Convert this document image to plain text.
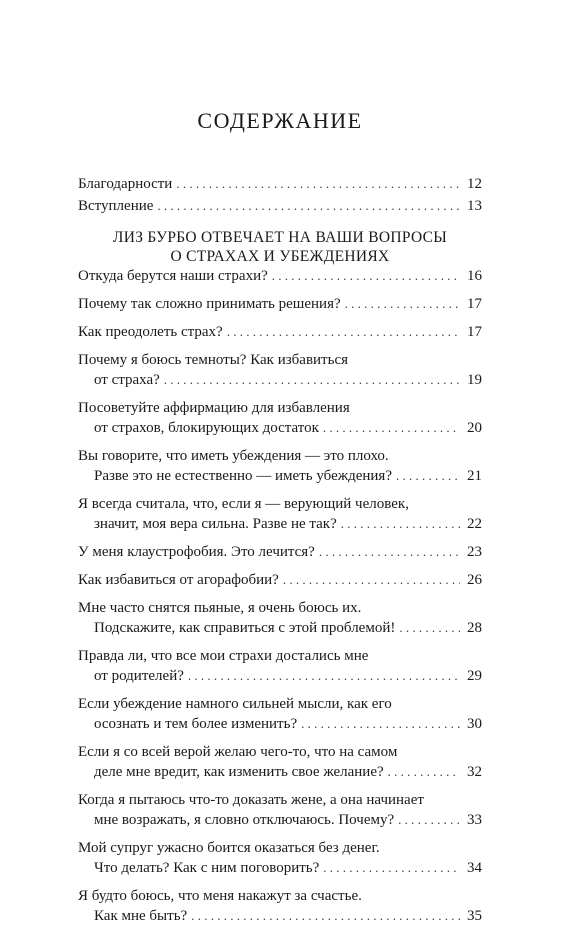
СОДЕРЖАНИЕ
Благодарности . . .	12
Вступление . . .	13
ЛИЗ БУРБО ОТВЕЧАЕТ НА ВАШИ ВОПРОСЫ
О СТРАХАХ И УБЕЖДЕНИЯХ
Откуда берутся наши страхи? . . .	16
Почему так сложно принимать решения? . . .	17
Как преодолеть страх? . . .	17
Почему я боюсь темноты? Как избавиться
от страха? . . .	19
Посоветуйте аффирмацию для избавления
от страхов, блокирующих достаток . . .	20
Вы говорите, что иметь убеждения — это плохо.
Разве это не естественно — иметь убеждения? . . .	21
Я всегда считала, что, если я — верующий человек,
значит, моя вера сильна. Разве не так? . . .	22
У меня клаустрофобия. Это лечится? . . .	23
Как избавиться от агорафобии? . . .	26
Мне часто снятся пьяные, я очень боюсь их.
Подскажите, как справиться с этой проблемой! . . .	28
Правда ли, что все мои страхи достались мне
от родителей? . . .	29
Если убеждение намного сильней мысли, как его
осознать и тем более изменить? . . .	30
Если я со всей верой желаю чего-то, что на самом
деле мне вредит, как изменить свое желание? . . .	32
Когда я пытаюсь что-то доказать жене, а она начинает
мне возражать, я словно отключаюсь. Почему? . . .	33
Мой супруг ужасно боится оказаться без денег.
Что делать? Как с ним поговорить? . . .	34
Я будто боюсь, что меня накажут за счастье.
Как мне быть? . . .	35
